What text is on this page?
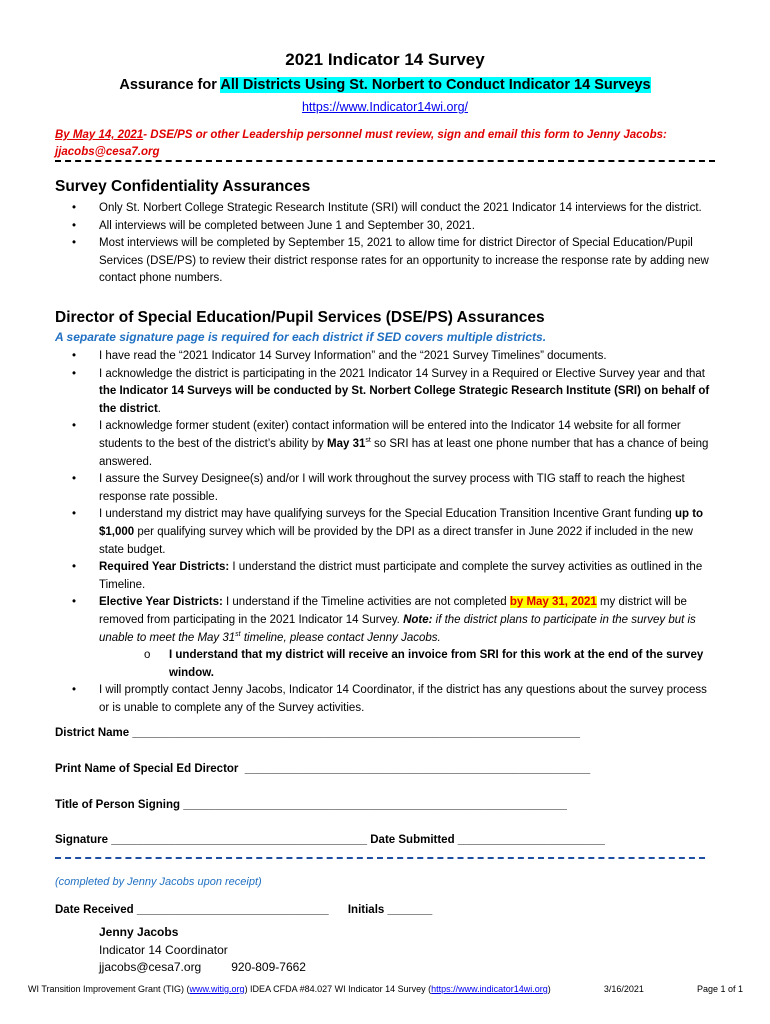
2021 Indicator 14 Survey
Assurance for All Districts Using St. Norbert to Conduct Indicator 14 Surveys
https://www.Indicator14wi.org/
By May 14, 2021- DSE/PS or other Leadership personnel must review, sign and email this form to Jenny Jacobs:
jjacobs@cesa7.org
Survey Confidentiality Assurances
• Only St. Norbert College Strategic Research Institute (SRI) will conduct the 2021 Indicator 14 interviews for the district.
• All interviews will be completed between June 1 and September 30, 2021.
• Most interviews will be completed by September 15, 2021 to allow time for district Director of Special Education/Pupil Services (DSE/PS) to review their district response rates for an opportunity to increase the response rate by adding new contact phone numbers.
Director of Special Education/Pupil Services (DSE/PS) Assurances
A separate signature page is required for each district if SED covers multiple districts.
• I have read the “2021 Indicator 14 Survey Information” and the “2021 Survey Timelines” documents.
• I acknowledge the district is participating in the 2021 Indicator 14 Survey in a Required or Elective Survey year and that the Indicator 14 Surveys will be conducted by St. Norbert College Strategic Research Institute (SRI) on behalf of the district.
• I acknowledge former student (exiter) contact information will be entered into the Indicator 14 website for all former students to the best of the district’s ability by May 31st so SRI has at least one phone number that has a chance of being answered.
• I assure the Survey Designee(s) and/or I will work throughout the survey process with TIG staff to reach the highest response rate possible.
• I understand my district may have qualifying surveys for the Special Education Transition Incentive Grant funding up to $1,000 per qualifying survey which will be provided by the DPI as a direct transfer in June 2022 if included in the new state budget.
• Required Year Districts: I understand the district must participate and complete the survey activities as outlined in the Timeline.
• Elective Year Districts: I understand if the Timeline activities are not completed by May 31, 2021 my district will be removed from participating in the 2021 Indicator 14 Survey. Note: if the district plans to participate in the survey but is unable to meet the May 31st timeline, please contact Jenny Jacobs.
o I understand that my district will receive an invoice from SRI for this work at the end of the survey window.
• I will promptly contact Jenny Jacobs, Indicator 14 Coordinator, if the district has any questions about the survey process or is unable to complete any of the Survey activities.
District Name ______________________________________________________________________
Print Name of Special Ed Director  ______________________________________________________
Title of Person Signing ____________________________________________________________
Signature ________________________________________ Date Submitted _______________________
(completed by Jenny Jacobs upon receipt)
Date Received ______________________________      Initials _______
Jenny Jacobs
Indicator 14 Coordinator
jjacobs@cesa7.org	920-809-7662
WI Transition Improvement Grant (TIG) (www.witig.org) IDEA CFDA #84.027 WI Indicator 14 Survey (https://www.indicator14wi.org)	3/16/2021	Page 1 of 1
